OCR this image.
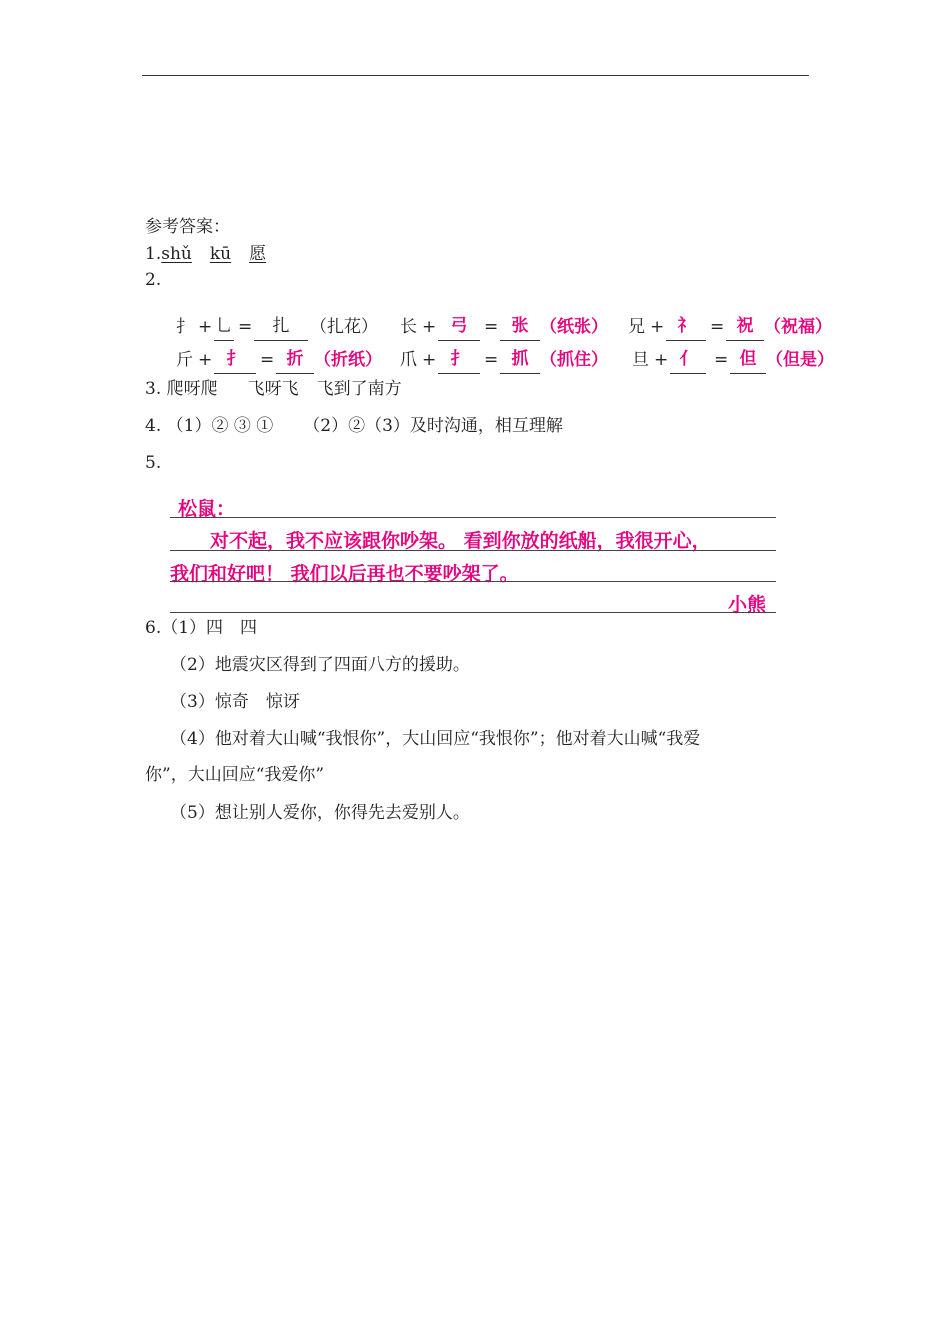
参考答案：
1.shǔ kū 愿
2.
扌 + 乚 =	扎	（扎花） 长 + 弓 = 张 （纸张） 兄 + 礻 = 祝 （祝福）
斤 + 扌 = 折 （折纸） 爪 + 扌 = 抓 （抓住） 旦 + 亻	= 但 （但是）
3. 爬呀爬 飞呀飞 飞到了南方
4. （1）② ③ ① （2）②（3）及时沟通，相互理解
5.
松鼠：
对不起，我不应该跟你吵架。 看到你放的纸船，我很开心，
我们和好吧！ 我们以后再也不要吵架了。
小熊
6.（1）四　四
（2）地震灾区得到了四面八方的援助。
（3）惊奇　惊讶
（4）他对着大山喊“我恨你”，大山回应“我恨你”；他对着大山喊“我爱
你”，大山回应“我爱你”
（5）想让别人爱你，你得先去爱别人。
